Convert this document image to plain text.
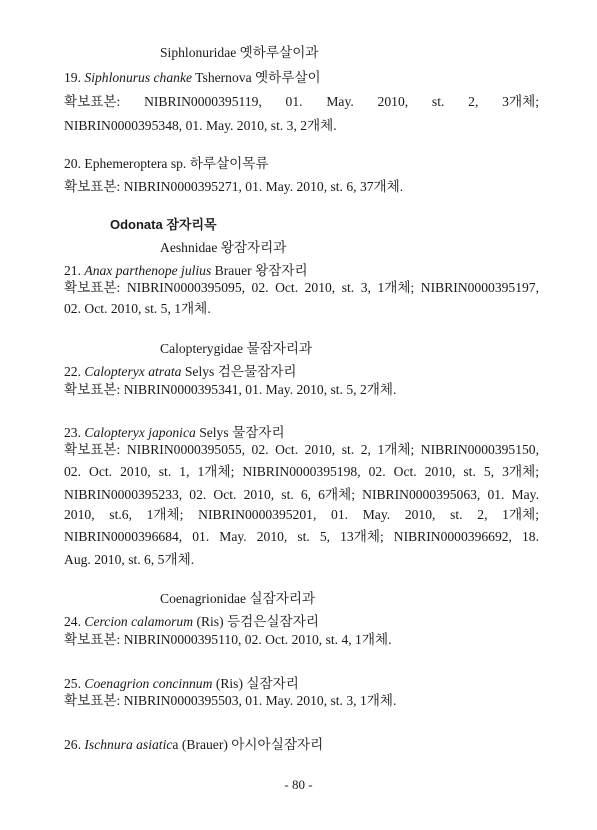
Siphlonuridae 옛하루살이과
19. Siphlonurus chanke Tshernova 옛하루살이
확보표본: NIBRIN0000395119, 01. May. 2010, st. 2, 3개체;
NIBRIN0000395348, 01. May. 2010, st. 3, 2개체.
20. Ephemeroptera sp. 하루살이목류
확보표본: NIBRIN0000395271, 01. May. 2010, st. 6, 37개체.
Odonata 잠자리목
Aeshnidae 왕잠자리과
21. Anax parthenope julius Brauer 왕잠자리
확보표본: NIBRIN0000395095, 02. Oct. 2010, st. 3, 1개체; NIBRIN0000395197,
02. Oct. 2010, st. 5, 1개체.
Calopterygidae 물잠자리과
22. Calopteryx atrata Selys 검은물잠자리
확보표본: NIBRIN0000395341, 01. May. 2010, st. 5, 2개체.
23. Calopteryx japonica Selys 물잠자리
확보표본: NIBRIN0000395055, 02. Oct. 2010, st. 2, 1개체; NIBRIN0000395150,
02. Oct. 2010, st. 1, 1개체; NIBRIN0000395198, 02. Oct. 2010, st. 5, 3개체;
NIBRIN0000395233, 02. Oct. 2010, st. 6, 6개체; NIBRIN0000395063, 01. May.
2010, st.6, 1개체; NIBRIN0000395201, 01. May. 2010, st. 2, 1개체;
NIBRIN0000396684, 01. May. 2010, st. 5, 13개체; NIBRIN0000396692, 18.
Aug. 2010, st. 6, 5개체.
Coenagrionidae 실잠자리과
24. Cercion calamorum (Ris) 등검은실잠자리
확보표본: NIBRIN0000395110, 02. Oct. 2010, st. 4, 1개체.
25. Coenagrion concinnum (Ris) 실잠자리
확보표본: NIBRIN0000395503, 01. May. 2010, st. 3, 1개체.
26. Ischnura asiatica (Brauer) 아시아실잠자리
- 80 -
